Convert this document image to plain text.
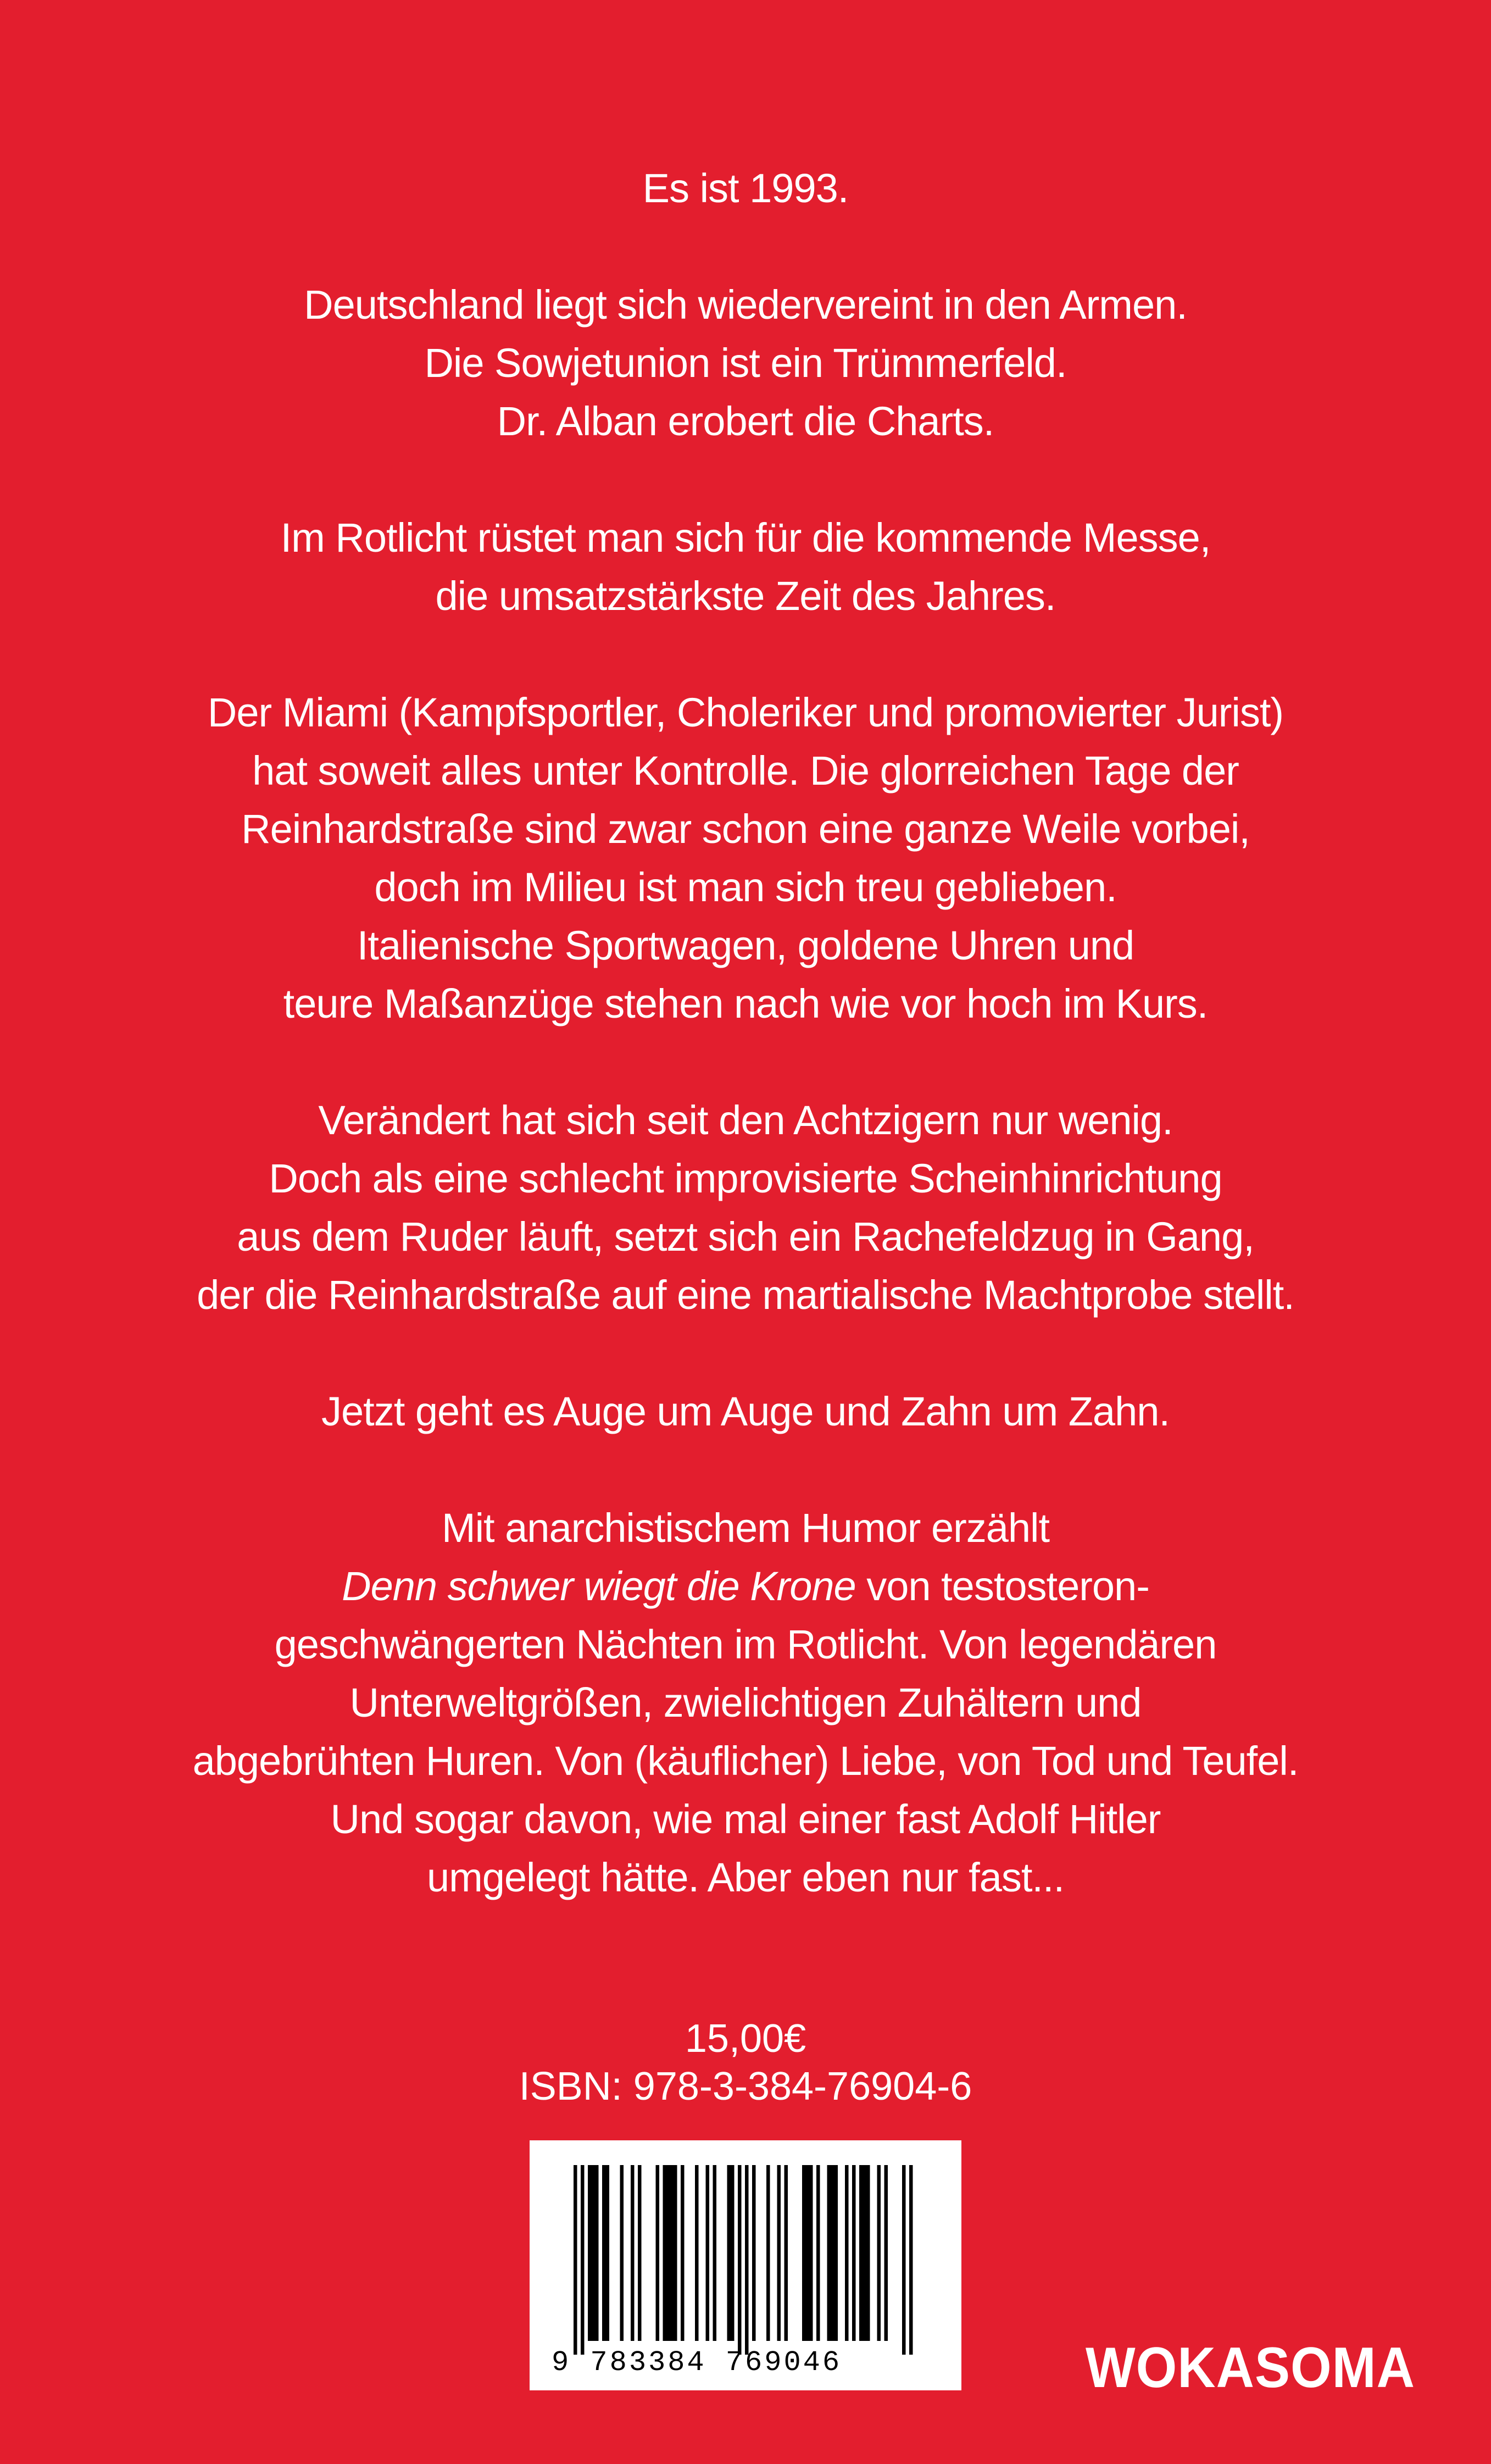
Es ist 1993.

Deutschland liegt sich wiedervereint in den Armen.
Die Sowjetunion ist ein Trümmerfeld.
Dr. Alban erobert die Charts.

Im Rotlicht rüstet man sich für die kommende Messe,
die umsatzstärkste Zeit des Jahres.

Der Miami (Kampfsportler, Choleriker und promovierter Jurist)
hat soweit alles unter Kontrolle. Die glorreichen Tage der
Reinhardstraße sind zwar schon eine ganze Weile vorbei,
doch im Milieu ist man sich treu geblieben.
Italienische Sportwagen, goldene Uhren und
teure Maßanzüge stehen nach wie vor hoch im Kurs.

Verändert hat sich seit den Achtzigern nur wenig.
Doch als eine schlecht improvisierte Scheinhinrichtung
aus dem Ruder läuft, setzt sich ein Rachefeldzug in Gang,
der die Reinhardstraße auf eine martialische Machtprobe stellt.

Jetzt geht es Auge um Auge und Zahn um Zahn.

Mit anarchistischem Humor erzählt
Denn schwer wiegt die Krone von testosteron-
geschwängerten Nächten im Rotlicht. Von legendären
Unterweltgrößen, zwielichtigen Zuhältern und
abgebrühten Huren. Von (käuflicher) Liebe, von Tod und Teufel.
Und sogar davon, wie mal einer fast Adolf Hitler
umgelegt hätte. Aber eben nur fast...

15,00€
ISBN: 978-3-384-76904-6
9 783384 769046	WOKASOMA
